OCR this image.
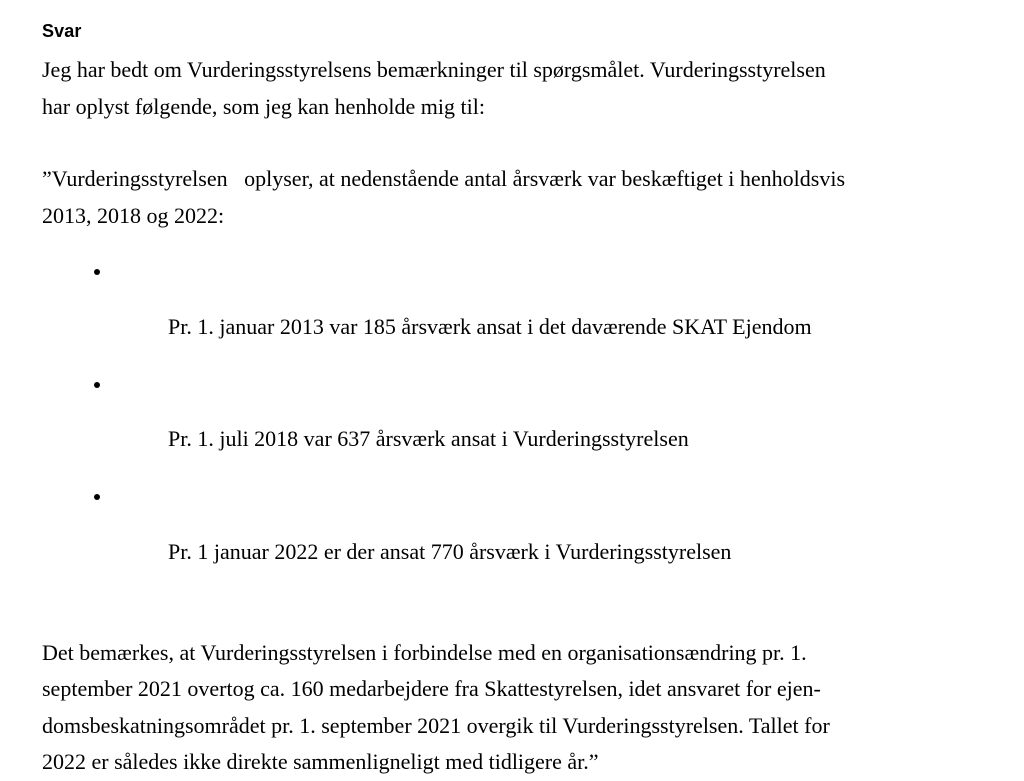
Svar
Jeg har bedt om Vurderingsstyrelsens bemærkninger til spørgsmålet. Vurderingsstyrelsen
har oplyst følgende, som jeg kan henholde mig til:
”Vurderingsstyrelsen   oplyser, at nedenstående antal årsværk var beskæftiget i henholdsvis
2013, 2018 og 2022:

Pr. 1. januar 2013 var 185 årsværk ansat i det daværende SKAT Ejendom

Pr. 1. juli 2018 var 637 årsværk ansat i Vurderingsstyrelsen

Pr. 1 januar 2022 er der ansat 770 årsværk i Vurderingsstyrelsen

Det bemærkes, at Vurderingsstyrelsen i forbindelse med en organisationsændring pr. 1.
september 2021 overtog ca. 160 medarbejdere fra Skattestyrelsen, idet ansvaret for ejen-
domsbeskatningsområdet pr. 1. september 2021 overgik til Vurderingsstyrelsen. Tallet for
2022 er således ikke direkte sammenligneligt med tidligere år.”
